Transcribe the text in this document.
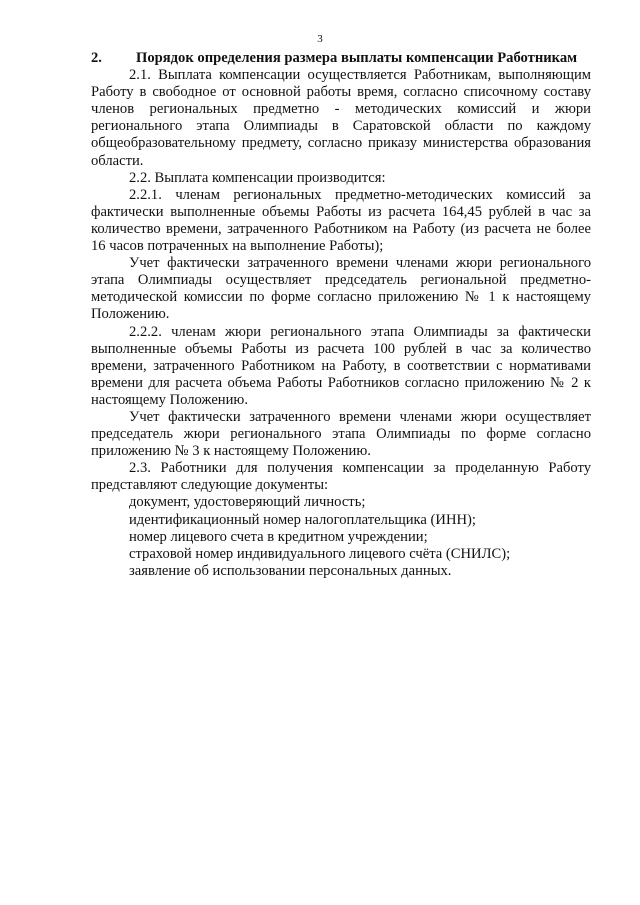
3

2.	Порядок определения размера выплаты компенсации Работникам

2.1. Выплата компенсации осуществляется Работникам, выполняющим Работу в свободное от основной работы время, согласно списочному составу членов региональных предметно - методических комиссий и жюри регионального этапа Олимпиады в Саратовской области по каждому общеобразовательному предмету, согласно приказу министерства образования области.

2.2. Выплата компенсации производится:

2.2.1. членам региональных предметно-методических комиссий за фактически выполненные объемы Работы из расчета 164,45 рублей в час за количество времени, затраченного Работником на Работу (из расчета не более 16 часов потраченных на выполнение Работы);

Учет фактически затраченного времени членами жюри регионального этапа Олимпиады осуществляет председатель региональной предметно-методической комиссии по форме согласно приложению № 1 к настоящему Положению.

2.2.2. членам жюри регионального этапа Олимпиады за фактически выполненные объемы Работы из расчета 100 рублей в час за количество времени, затраченного Работником на Работу, в соответствии с нормативами времени для расчета объема Работы Работников согласно приложению № 2 к настоящему Положению.

Учет фактически затраченного времени членами жюри осуществляет председатель жюри регионального этапа Олимпиады по форме согласно приложению № 3 к настоящему Положению.

2.3. Работники для получения компенсации за проделанную Работу представляют следующие документы:

документ, удостоверяющий личность;

идентификационный номер налогоплательщика (ИНН);

номер лицевого счета в кредитном учреждении;

страховой номер индивидуального лицевого счёта (СНИЛС);

заявление об использовании персональных данных.
